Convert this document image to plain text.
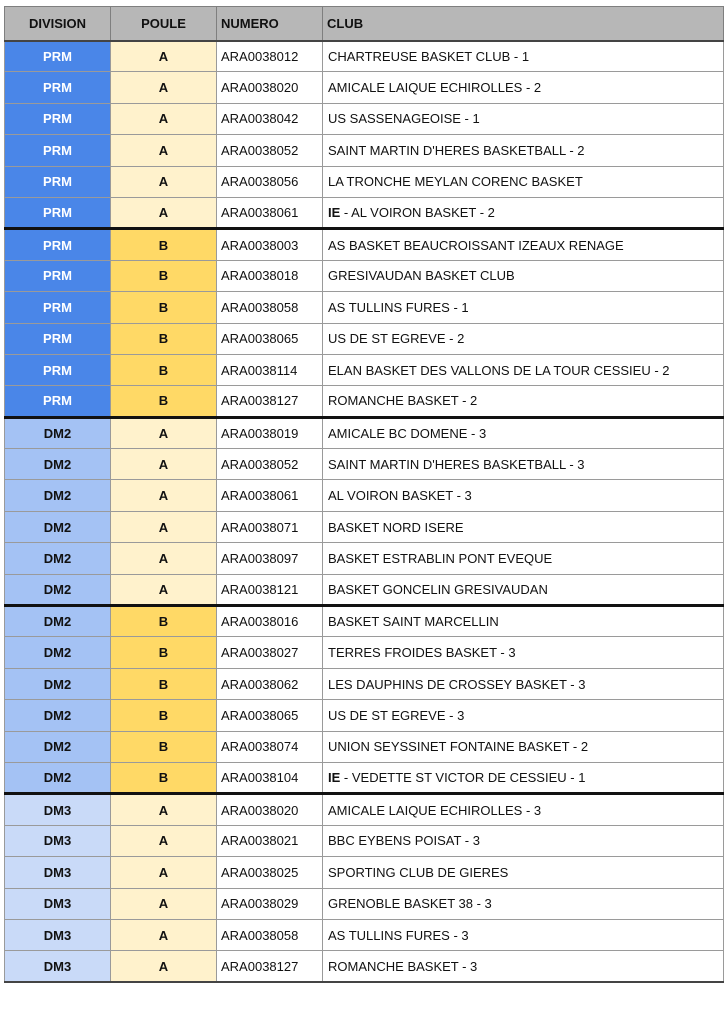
DIVISION	POULE	NUMERO	CLUB
PRM	A	ARA0038012	CHARTREUSE BASKET CLUB - 1
PRM	A	ARA0038020	AMICALE LAIQUE ECHIROLLES - 2
PRM	A	ARA0038042	US SASSENAGEOISE - 1
PRM	A	ARA0038052	SAINT MARTIN D'HERES BASKETBALL - 2
PRM	A	ARA0038056	LA TRONCHE MEYLAN CORENC BASKET
PRM	A	ARA0038061	IE - AL VOIRON BASKET - 2
PRM	B	ARA0038003	AS BASKET BEAUCROISSANT IZEAUX RENAGE
PRM	B	ARA0038018	GRESIVAUDAN BASKET CLUB
PRM	B	ARA0038058	AS TULLINS FURES - 1
PRM	B	ARA0038065	US DE ST EGREVE - 2
PRM	B	ARA0038114	ELAN BASKET DES VALLONS DE LA TOUR CESSIEU - 2
PRM	B	ARA0038127	ROMANCHE BASKET - 2
DM2	A	ARA0038019	AMICALE BC DOMENE - 3
DM2	A	ARA0038052	SAINT MARTIN D'HERES BASKETBALL - 3
DM2	A	ARA0038061	AL VOIRON BASKET - 3
DM2	A	ARA0038071	BASKET NORD ISERE
DM2	A	ARA0038097	BASKET ESTRABLIN PONT EVEQUE
DM2	A	ARA0038121	BASKET GONCELIN GRESIVAUDAN
DM2	B	ARA0038016	BASKET SAINT MARCELLIN
DM2	B	ARA0038027	TERRES FROIDES BASKET - 3
DM2	B	ARA0038062	LES DAUPHINS DE CROSSEY BASKET - 3
DM2	B	ARA0038065	US DE ST EGREVE - 3
DM2	B	ARA0038074	UNION SEYSSINET FONTAINE BASKET - 2
DM2	B	ARA0038104	IE - VEDETTE ST VICTOR DE CESSIEU - 1
DM3	A	ARA0038020	AMICALE LAIQUE ECHIROLLES - 3
DM3	A	ARA0038021	BBC EYBENS POISAT - 3
DM3	A	ARA0038025	SPORTING CLUB DE GIERES
DM3	A	ARA0038029	GRENOBLE BASKET 38 - 3
DM3	A	ARA0038058	AS TULLINS FURES - 3
DM3	A	ARA0038127	ROMANCHE BASKET - 3
